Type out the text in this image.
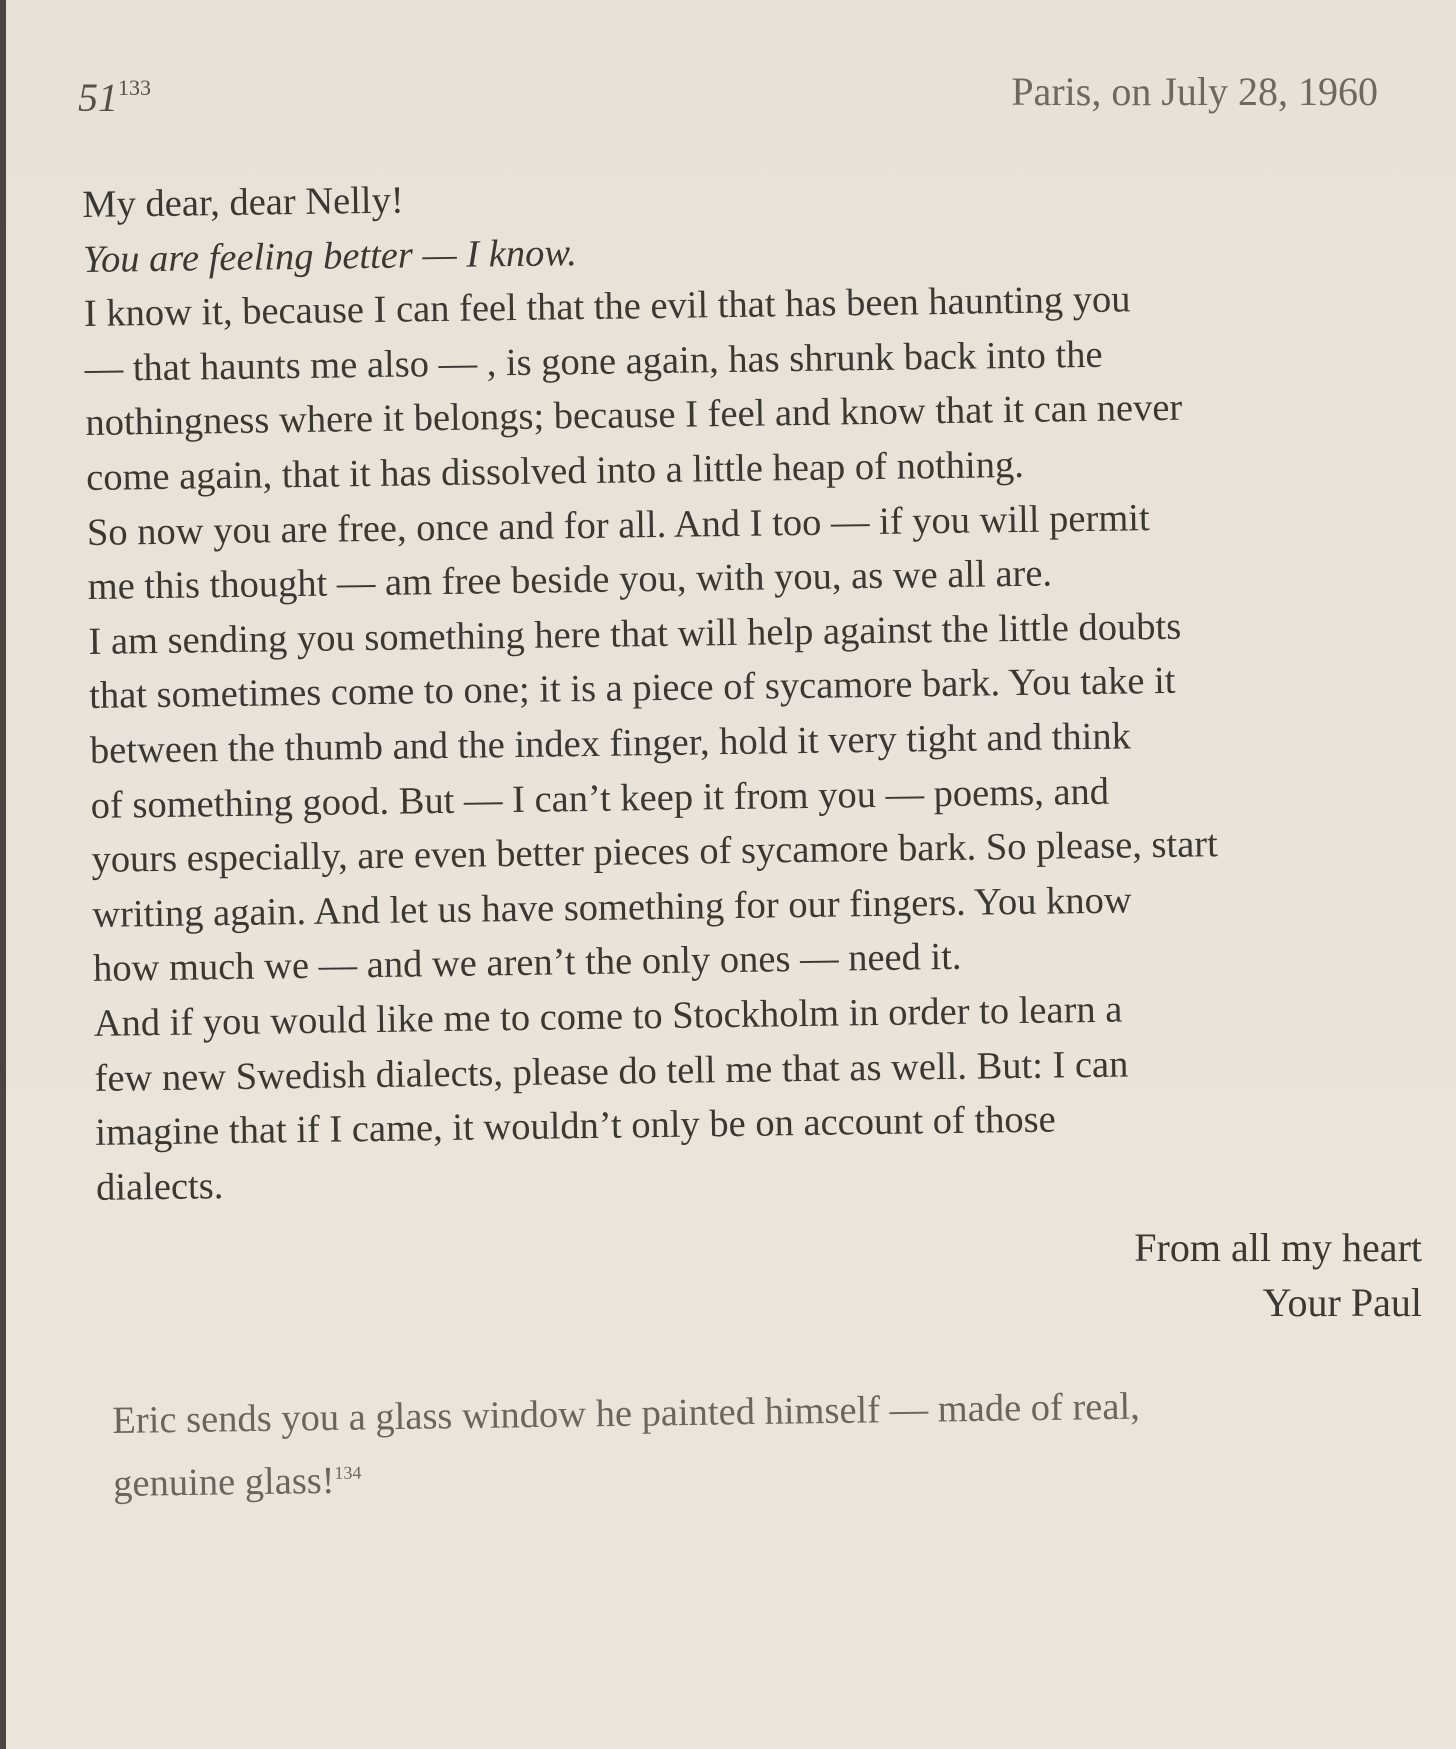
$51^{133}$	Paris, on July 28, 1960
My dear, dear Nelly!
You are feeling better — I know.
I know it, because I can feel that the evil that has been haunting you
— that haunts me also — , is gone again, has shrunk back into the
nothingness where it belongs; because I feel and know that it can never
come again, that it has dissolved into a little heap of nothing.
So now you are free, once and for all. And I too — if you will permit
me this thought — am free beside you, with you, as we all are.
I am sending you something here that will help against the little doubts
that sometimes come to one; it is a piece of sycamore bark. You take it
between the thumb and the index finger, hold it very tight and think
of something good. But — I can’t keep it from you — poems, and
yours especially, are even better pieces of sycamore bark. So please, start
writing again. And let us have something for our fingers. You know
how much we — and we aren’t the only ones — need it.
And if you would like me to come to Stockholm in order to learn a
few new Swedish dialects, please do tell me that as well. But: I can
imagine that if I came, it wouldn’t only be on account of those
dialects.
From all my heart
Your Paul
Eric sends you a glass window he painted himself — made of real,
genuine glass!$^{134}$
